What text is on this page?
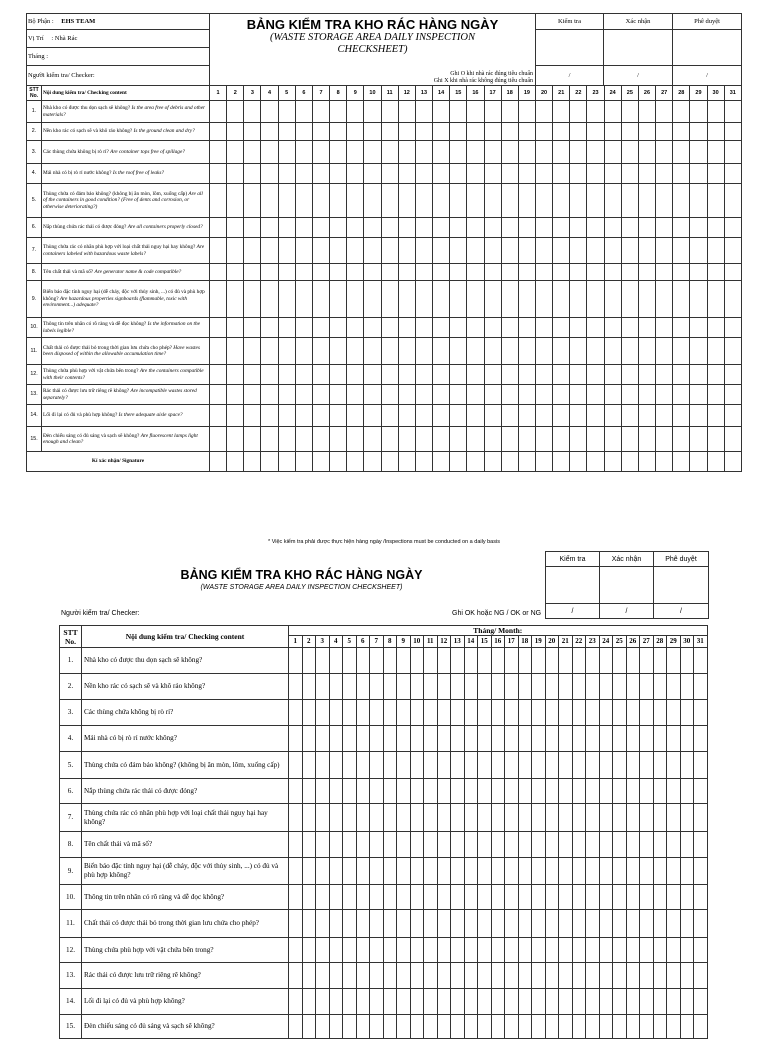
Bộ Phận : EHS TEAM	BẢNG KIỂM TRA KHO RÁC HÀNG NGÀY
(WASTE STORAGE AREA DAILY INSPECTION CHECKSHEET)
Ghi O khi nhà rác đúng tiêu chuẩn
Ghi X khi nhà rác không đúng tiêu chuẩn	Kiểm tra	Xác nhận	Phê duyệt
Vị Trí : Nhà Rác				
Tháng :				
Người kiểm tra/ Checker:		/	/	/
STT No.	Nội dung kiểm tra/ Checking content	1	2	3	4	5	6	7	8	9	10	11	12	13	14	15	16	17	18	19	20	21	22	23	24	25	26	27	28	29	30	31
1.	Nhà kho có được thu dọn sạch sẽ không? Is the area free of debris and other materials?																															
2.	Nền kho rác có sạch sẽ và khô ráo không? Is the ground clean and dry?																															
3.	Các thùng chứa không bị rò rỉ? Are container tops free of spillage?																															
4.	Mái nhà có bị rò rỉ nước không? Is the roof free of leaks?																															
5.	Thùng chứa có đảm bảo không? (không bị ăn mòn, lõm, xuống cấp) Are all of the containers in good condition? (Free of dents and corrosion, or otherwise deteriorating?)																															
6.	Nắp thùng chứa rác thải có được đóng? Are all containers properly closed?																															
7.	Thùng chứa rác có nhãn phù hợp với loại chất thải nguy hại hay không? Are containers labeled with hazardous waste labels?																															
8.	Tên chất thải và mã số? Are generator name & code compatible?																															
9.	Biển báo đặc tính nguy hại (dễ cháy, độc với thủy sinh, ...) có đủ và phù hợp không? Are hazardous properties signboards (flammable, toxic with environment...) adequate?																															
10.	Thông tin trên nhãn có rõ ràng và dễ đọc không? Is the information on the labels legible?																															
11.	Chất thải có được thải bỏ trong thời gian lưu chứa cho phép? Have wastes been disposed of within the allowable accumulation time?																															
12.	Thùng chứa phù hợp với vật chứa bên trong? Are the containers compatible with their contents?																															
13.	Rác thải có được lưu trữ riêng rẽ không? Are incompatible wastes stored separately?																															
14.	Lối đi lại có đủ và phù hợp không? Is there adequate aisle space?																															
15.	Đèn chiếu sáng có đủ sáng và sạch sẽ không? Are fluorescent lamps light enough and clean?																															
Kí xác nhận/ Signature																																
* Việc kiểm tra phải được thực hiện hàng ngày /Inspections must be conducted on a daily basis
Kiểm tra	Xác nhận	Phê duyệt

/	/	/
BẢNG KIỂM TRA KHO RÁC HÀNG NGÀY
(WASTE STORAGE AREA DAILY INSPECTION CHECKSHEET)
Người kiểm tra/ Checker:	Ghi OK hoặc NG / OK or NG
STT No.	Nội dung kiểm tra/ Checking content	Tháng/ Month:																														
		1	2	3	4	5	6	7	8	9	10	11	12	13	14	15	16	17	18	19	20	21	22	23	24	25	26	27	28	29	30	31
1.	Nhà kho có được thu dọn sạch sẽ không?																															
2.	Nền kho rác có sạch sẽ và khô ráo không?																															
3.	Các thùng chứa không bị rò rỉ?																															
4.	Mái nhà có bị rò rỉ nước không?																															
5.	Thùng chứa có đảm bảo không? (không bị ăn mòn, lõm, xuống cấp)																															
6.	Nắp thùng chứa rác thải có được đóng?																															
7.	Thùng chứa rác có nhãn phù hợp với loại chất thải nguy hại hay không?																															
8.	Tên chất thải và mã số?																															
9.	Biển báo đặc tính nguy hại (dễ cháy, độc với thủy sinh, ...) có đủ và phù hợp không?																															
10.	Thông tin trên nhãn có rõ ràng và dễ đọc không?																															
11.	Chất thải có được thải bỏ trong thời gian lưu chứa cho phép?																															
12.	Thùng chứa phù hợp với vật chứa bên trong?																															
13.	Rác thải có được lưu trữ riêng rẽ không?																															
14.	Lối đi lại có đủ và phù hợp không?																															
15.	Đèn chiếu sáng có đủ sáng và sạch sẽ không?																															
